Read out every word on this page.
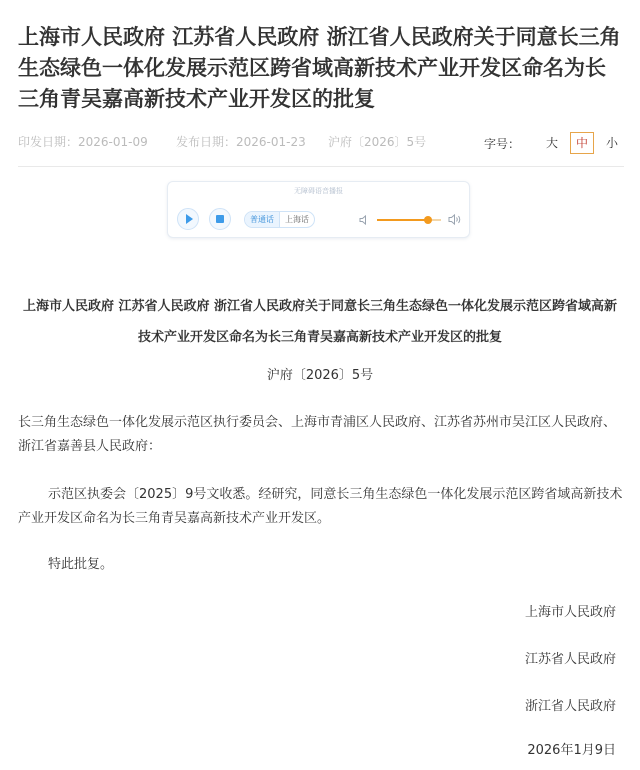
上海市人民政府 江苏省人民政府 浙江省人民政府关于同意长三角生态绿色一体化发展示范区跨省域高新技术产业开发区命名为长三角青吴嘉高新技术产业开发区的批复
印发日期：2026-01-09 发布日期：2026-01-23 沪府〔2026〕5号	字号：	大	中	小
无障碍语音播报
普通话	上海话
上海市人民政府 江苏省人民政府 浙江省人民政府关于同意长三角生态绿色一体化发展示范区跨省域高新技术产业开发区命名为长三角青吴嘉高新技术产业开发区的批复
沪府〔2026〕5号

长三角生态绿色一体化发展示范区执行委员会、上海市青浦区人民政府、江苏省苏州市吴江区人民政府、浙江省嘉善县人民政府：

示范区执委会〔2025〕9号文收悉。经研究，同意长三角生态绿色一体化发展示范区跨省域高新技术产业开发区命名为长三角青吴嘉高新技术产业开发区。

特此批复。

上海市人民政府
江苏省人民政府
浙江省人民政府
2026年1月9日
